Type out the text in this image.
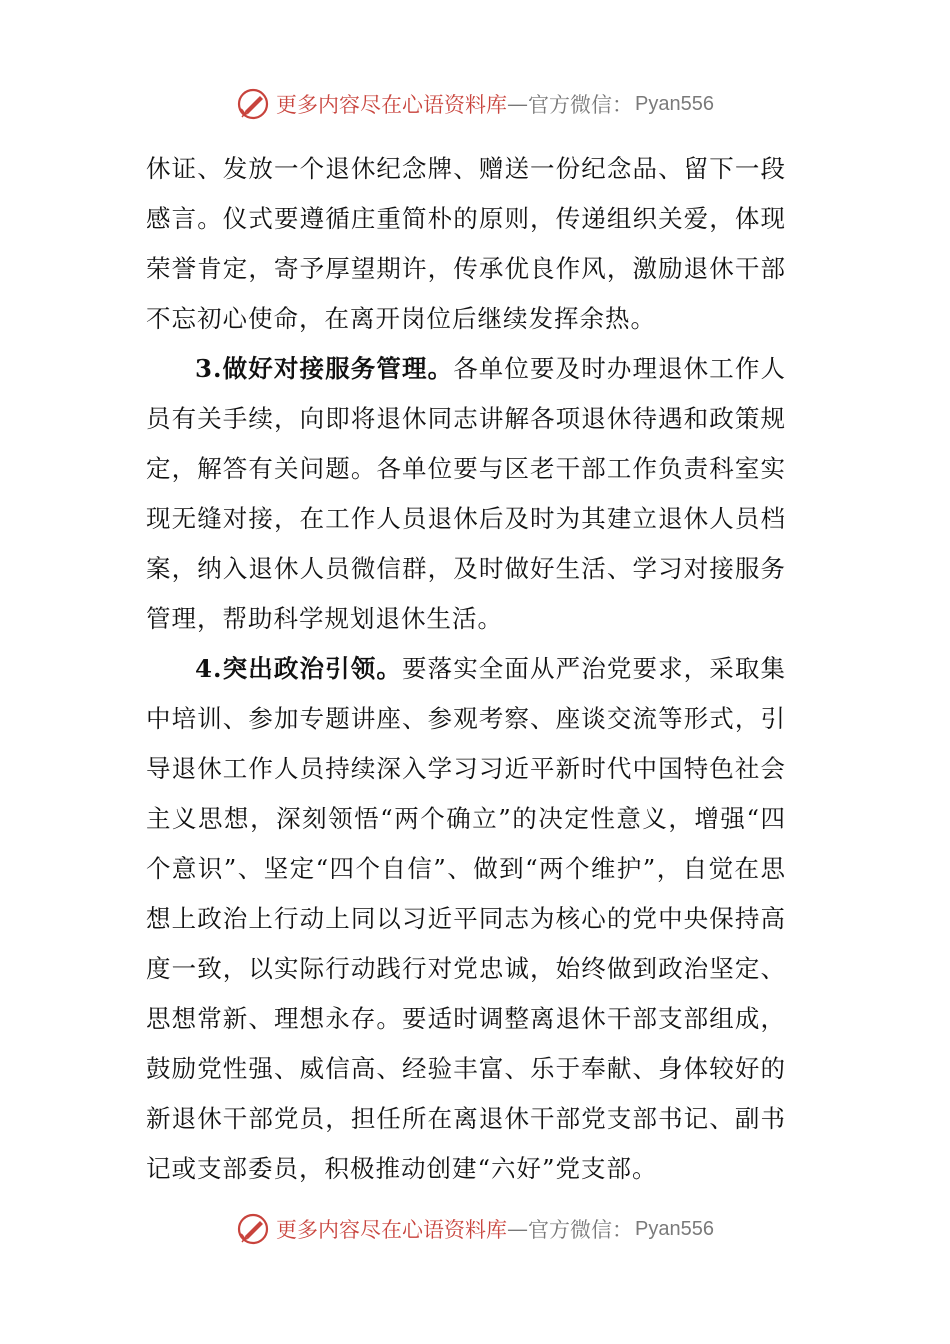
更多内容尽在心语资料库 — 官方微信： Pyan556

休证、发放一个退休纪念牌、赠送一份纪念品、留下一段感言。仪式要遵循庄重简朴的原则，传递组织关爱，体现荣誉肯定，寄予厚望期许，传承优良作风，激励退休干部不忘初心使命，在离开岗位后继续发挥余热。

3.做好对接服务管理。各单位要及时办理退休工作人员有关手续，向即将退休同志讲解各项退休待遇和政策规定，解答有关问题。各单位要与区老干部工作负责科室实现无缝对接，在工作人员退休后及时为其建立退休人员档案，纳入退休人员微信群，及时做好生活、学习对接服务管理，帮助科学规划退休生活。

4.突出政治引领。要落实全面从严治党要求，采取集中培训、参加专题讲座、参观考察、座谈交流等形式，引导退休工作人员持续深入学习习近平新时代中国特色社会主义思想，深刻领悟“两个确立”的决定性意义，增强“四个意识”、坚定“四个自信”、做到“两个维护”，自觉在思想上政治上行动上同以习近平同志为核心的党中央保持高度一致，以实际行动践行对党忠诚，始终做到政治坚定、思想常新、理想永存。要适时调整离退休干部支部组成，鼓励党性强、威信高、经验丰富、乐于奉献、身体较好的新退休干部党员，担任所在离退休干部党支部书记、副书记或支部委员，积极推动创建“六好”党支部。

更多内容尽在心语资料库 — 官方微信： Pyan556
